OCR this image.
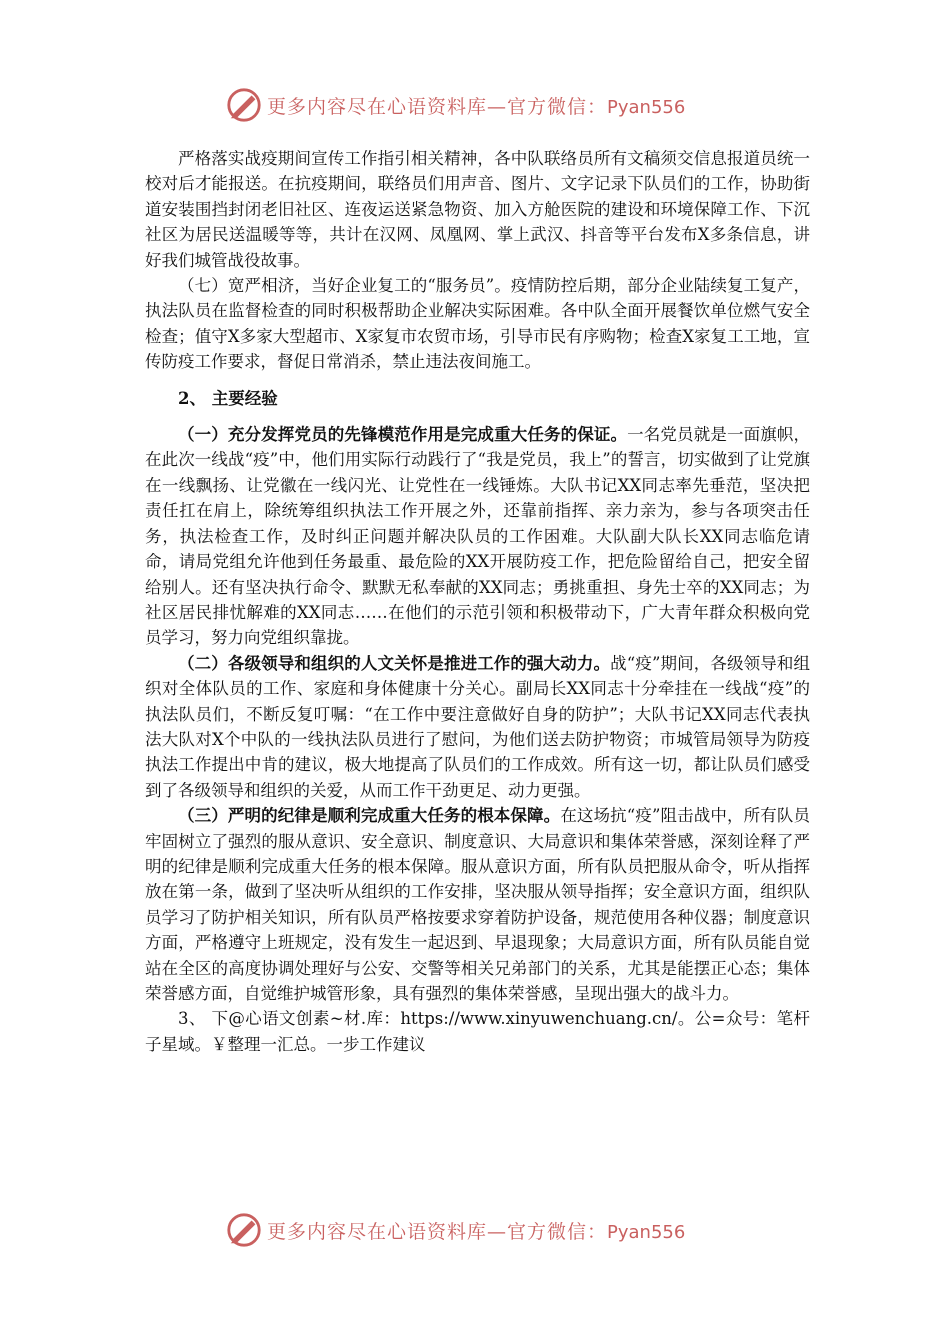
更多内容尽在心语资料库—官方微信：Pyan556

严格落实战疫期间宣传工作指引相关精神，各中队联络员所有文稿须交信息报道员统一校对后才能报送。在抗疫期间，联络员们用声音、图片、文字记录下队员们的工作，协助街道安装围挡封闭老旧社区、连夜运送紧急物资、加入方舱医院的建设和环境保障工作、下沉社区为居民送温暖等等，共计在汉网、凤凰网、掌上武汉、抖音等平台发布X多条信息，讲好我们城管战役故事。

（七）宽严相济，当好企业复工的“服务员”。疫情防控后期，部分企业陆续复工复产，执法队员在监督检查的同时积极帮助企业解决实际困难。各中队全面开展餐饮单位燃气安全检查；值守X多家大型超市、X家复市农贸市场，引导市民有序购物；检查X家复工工地，宣传防疫工作要求，督促日常消杀，禁止违法夜间施工。

2、 主要经验

（一）充分发挥党员的先锋模范作用是完成重大任务的保证。一名党员就是一面旗帜，在此次一线战“疫”中，他们用实际行动践行了“我是党员，我上”的誓言，切实做到了让党旗在一线飘扬、让党徽在一线闪光、让党性在一线锤炼。大队书记XX同志率先垂范，坚决把责任扛在肩上，除统筹组织执法工作开展之外，还靠前指挥、亲力亲为，参与各项突击任务，执法检查工作，及时纠正问题并解决队员的工作困难。大队副大队长XX同志临危请命，请局党组允许他到任务最重、最危险的XX开展防疫工作，把危险留给自己，把安全留给别人。还有坚决执行命令、默默无私奉献的XX同志；勇挑重担、身先士卒的XX同志；为社区居民排忧解难的XX同志……在他们的示范引领和积极带动下，广大青年群众积极向党员学习，努力向党组织靠拢。

（二）各级领导和组织的人文关怀是推进工作的强大动力。战“疫”期间，各级领导和组织对全体队员的工作、家庭和身体健康十分关心。副局长XX同志十分牵挂在一线战“疫”的执法队员们，不断反复叮嘱：“在工作中要注意做好自身的防护”；大队书记XX同志代表执法大队对X个中队的一线执法队员进行了慰问，为他们送去防护物资；市城管局领导为防疫执法工作提出中肯的建议，极大地提高了队员们的工作成效。所有这一切，都让队员们感受到了各级领导和组织的关爱，从而工作干劲更足、动力更强。

（三）严明的纪律是顺利完成重大任务的根本保障。在这场抗“疫”阻击战中，所有队员牢固树立了强烈的服从意识、安全意识、制度意识、大局意识和集体荣誉感，深刻诠释了严明的纪律是顺利完成重大任务的根本保障。服从意识方面，所有队员把服从命令，听从指挥放在第一条，做到了坚决听从组织的工作安排，坚决服从领导指挥；安全意识方面，组织队员学习了防护相关知识，所有队员严格按要求穿着防护设备，规范使用各种仪器；制度意识方面，严格遵守上班规定，没有发生一起迟到、早退现象；大局意识方面，所有队员能自觉站在全区的高度协调处理好与公安、交警等相关兄弟部门的关系，尤其是能摆正心态；集体荣誉感方面，自觉维护城管形象，具有强烈的集体荣誉感，呈现出强大的战斗力。

3、 下@心语文创素~材.库：https://www.xinyuwenchuang.cn/。公=众号：笔杆子星域。￥整理一汇总。一步工作建议

更多内容尽在心语资料库—官方微信：Pyan556
